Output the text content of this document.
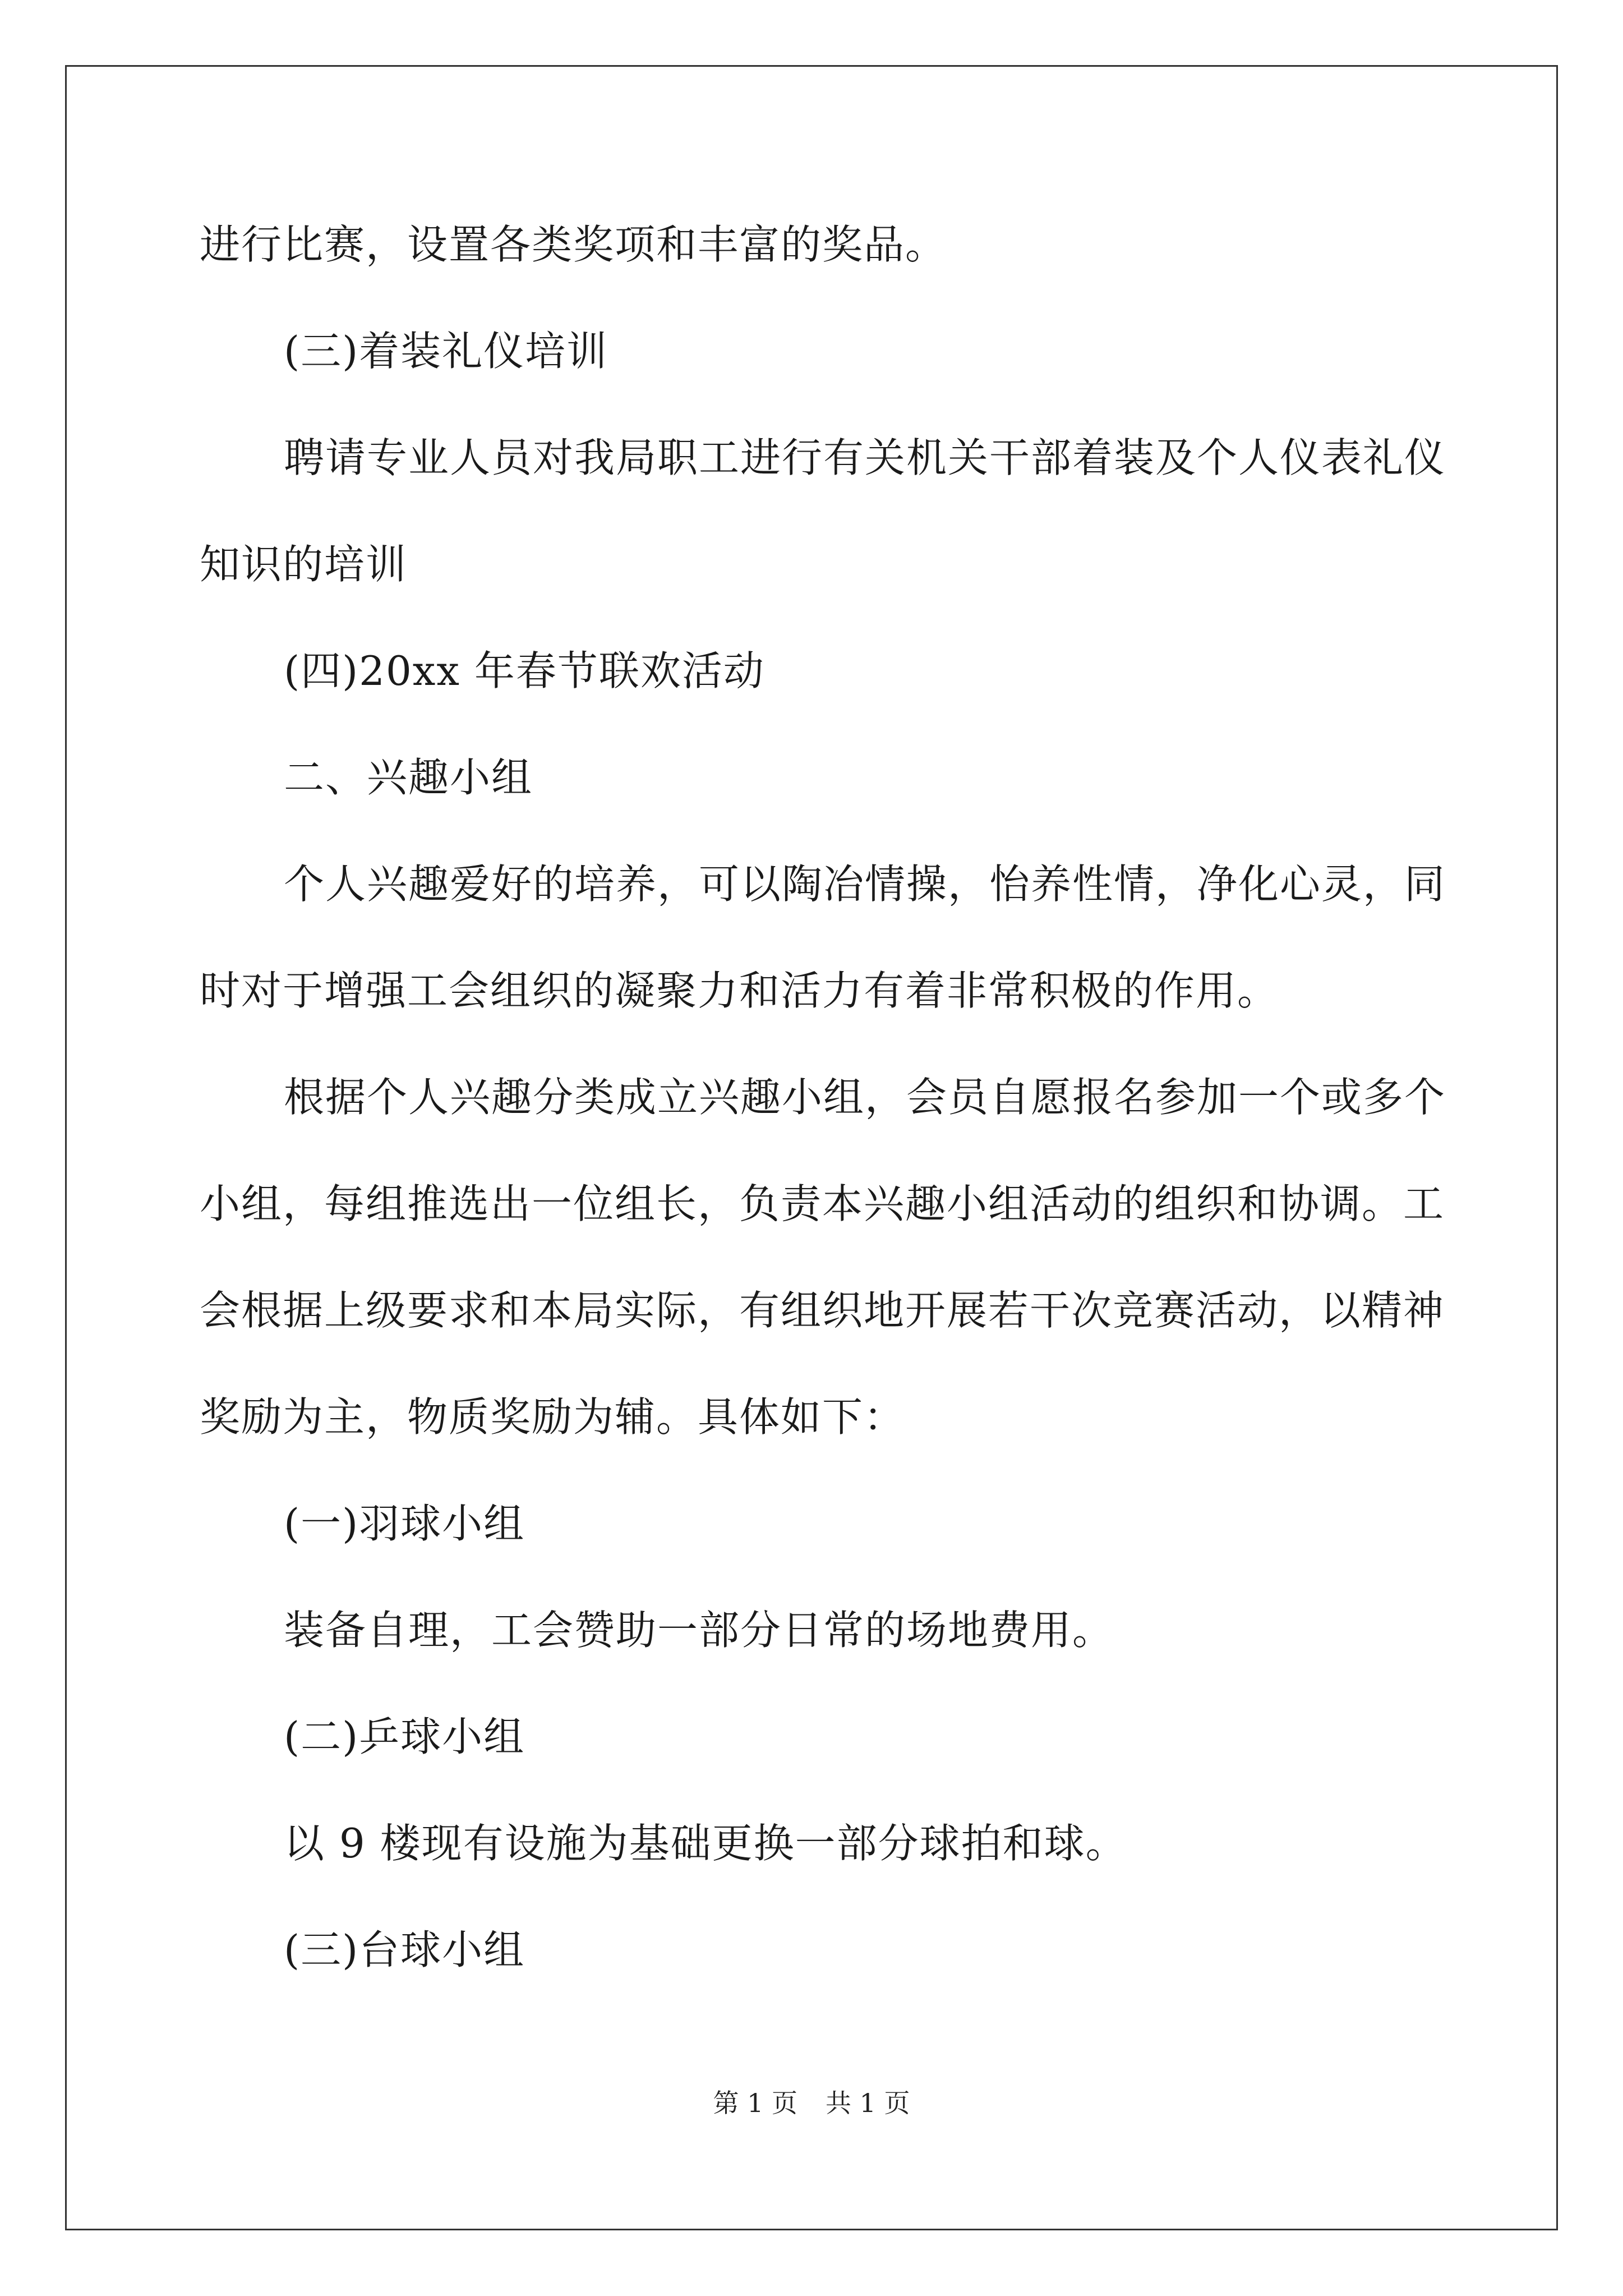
进行比赛，设置各类奖项和丰富的奖品。
(三)着装礼仪培训
聘请专业人员对我局职工进行有关机关干部着装及个人仪表礼仪
知识的培训
(四)20xx 年春节联欢活动
二、兴趣小组
个人兴趣爱好的培养，可以陶冶情操，怡养性情，净化心灵，同
时对于增强工会组织的凝聚力和活力有着非常积极的作用。
根据个人兴趣分类成立兴趣小组，会员自愿报名参加一个或多个
小组，每组推选出一位组长，负责本兴趣小组活动的组织和协调。工
会根据上级要求和本局实际，有组织地开展若干次竞赛活动，以精神
奖励为主，物质奖励为辅。具体如下：
(一)羽球小组
装备自理，工会赞助一部分日常的场地费用。
(二)乒球小组
以 9 楼现有设施为基础更换一部分球拍和球。
(三)台球小组
第 1 页 共 1 页
